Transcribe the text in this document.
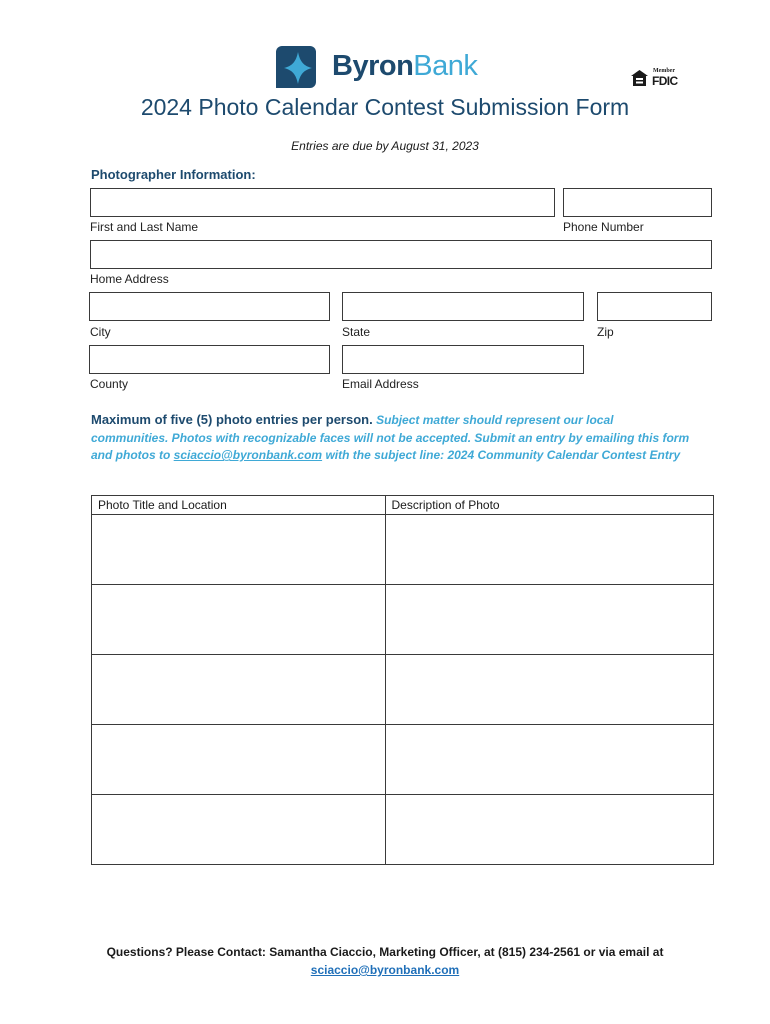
ByronBank	Member
FDIC
2024 Photo Calendar Contest Submission Form
Entries are due by August 31, 2023
Photographer Information:
First and Last Name	Phone Number
Home Address
City	State	Zip
County	Email Address
Maximum of five (5) photo entries per person. Subject matter should represent our local communities. Photos with recognizable faces will not be accepted. Submit an entry by emailing this form and photos to sciaccio@byronbank.com with the subject line: 2024 Community Calendar Contest Entry
Photo Title and Location	Description of Photo

Questions? Please Contact: Samantha Ciaccio, Marketing Officer, at (815) 234-2561 or via email at
sciaccio@byronbank.com
